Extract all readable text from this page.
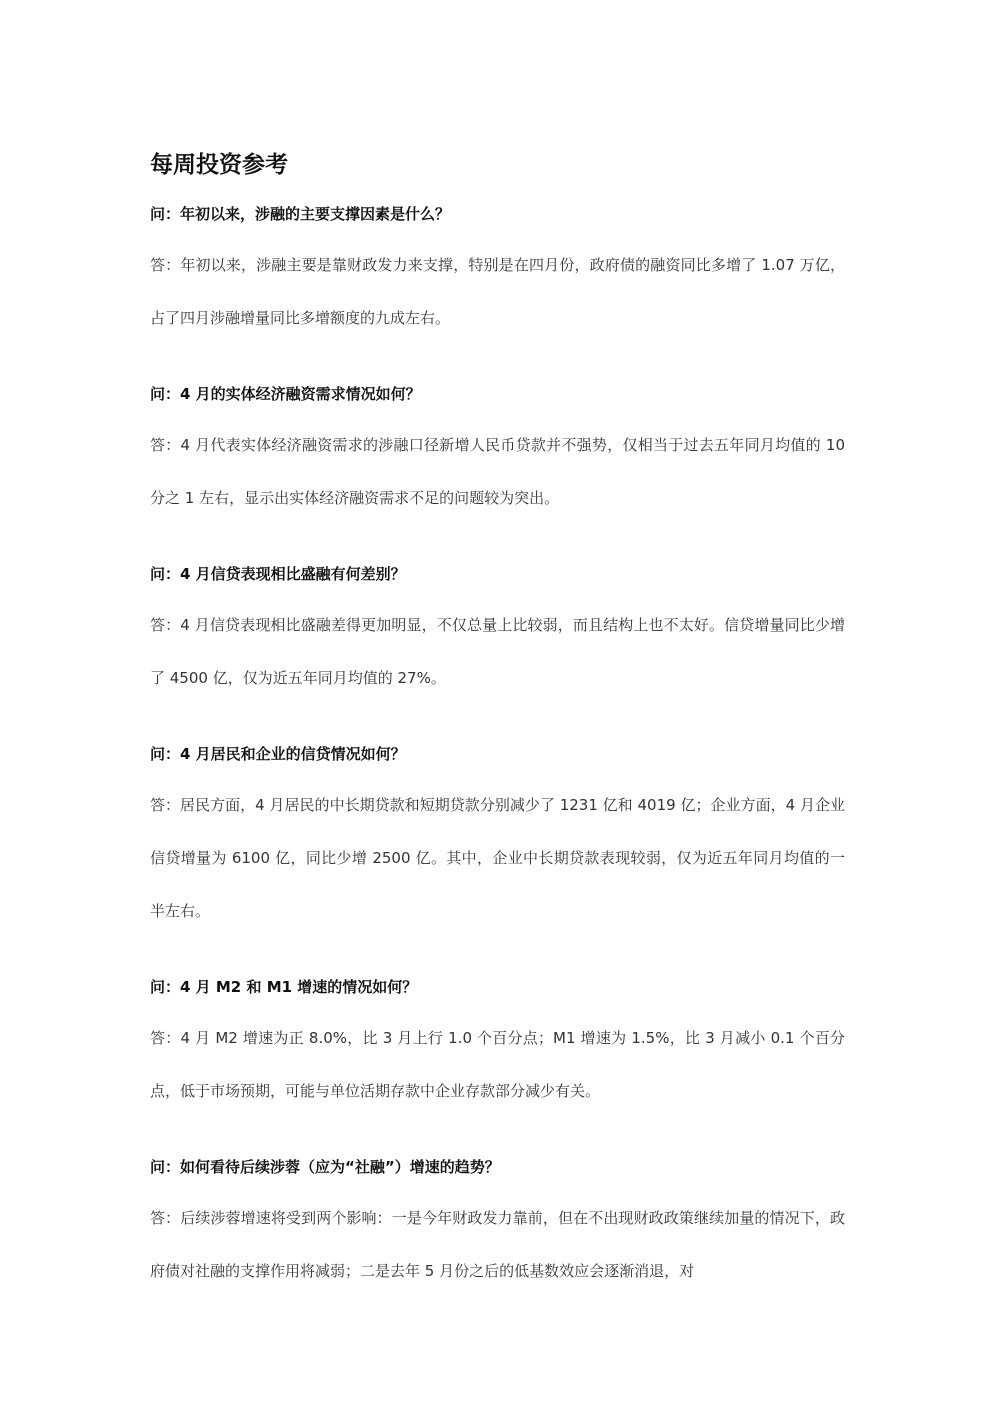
每周投资参考

问：年初以来，涉融的主要支撑因素是什么？

答：年初以来，涉融主要是靠财政发力来支撑，特别是在四月份，政府债的融资同比多增了 1.07 万亿，占了四月涉融增量同比多增额度的九成左右。

问：4 月的实体经济融资需求情况如何？

答：4 月代表实体经济融资需求的涉融口径新增人民币贷款并不强势，仅相当于过去五年同月均值的 10 分之 1 左右，显示出实体经济融资需求不足的问题较为突出。

问：4 月信贷表现相比盛融有何差别？

答：4 月信贷表现相比盛融差得更加明显，不仅总量上比较弱，而且结构上也不太好。信贷增量同比少增了 4500 亿，仅为近五年同月均值的 27%。

问：4 月居民和企业的信贷情况如何？

答：居民方面，4 月居民的中长期贷款和短期贷款分别减少了 1231 亿和 4019 亿；企业方面，4 月企业信贷增量为 6100 亿，同比少增 2500 亿。其中，企业中长期贷款表现较弱，仅为近五年同月均值的一半左右。

问：4 月 M2 和 M1 增速的情况如何？

答：4 月 M2 增速为正 8.0%，比 3 月上行 1.0 个百分点；M1 增速为 1.5%，比 3 月减小 0.1 个百分点，低于市场预期，可能与单位活期存款中企业存款部分减少有关。

问：如何看待后续涉蓉（应为“社融”）增速的趋势？

答：后续涉蓉增速将受到两个影响：一是今年财政发力靠前，但在不出现财政政策继续加量的情况下，政府债对社融的支撑作用将减弱；二是去年 5 月份之后的低基数效应会逐渐消退，对
